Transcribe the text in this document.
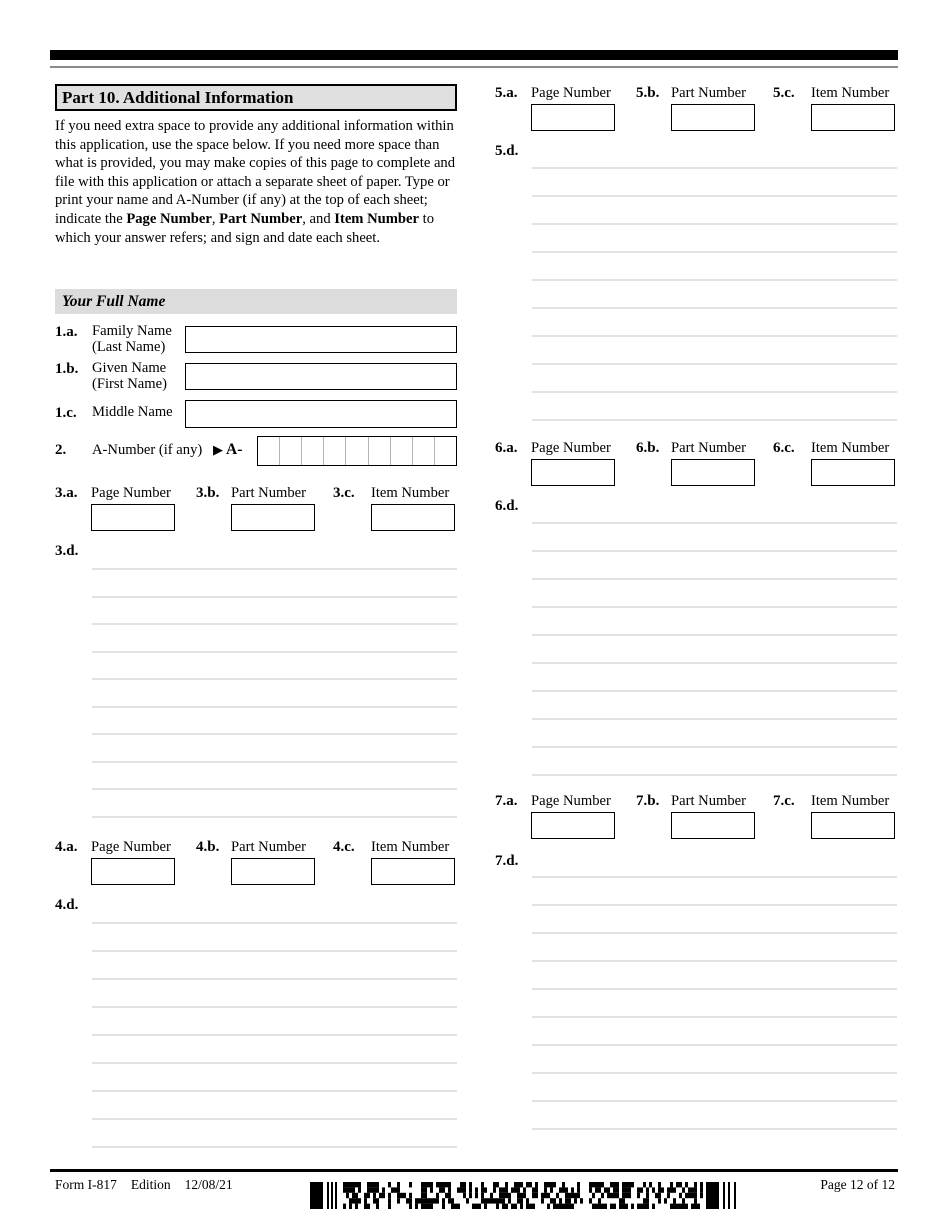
Part 10. Additional Information
If you need extra space to provide any additional information within this application, use the space below. If you need more space than what is provided, you may make copies of this page to complete and file with this application or attach a separate sheet of paper. Type or print your name and A-Number (if any) at the top of each sheet; indicate the Page Number, Part Number, and Item Number to which your answer refers; and sign and date each sheet.
Your Full Name
1.a. Family Name
(Last Name)
1.b. Given Name
(First Name)
1.c. Middle Name
2. A-Number (if any) ▶ A-
Form I-817 Edition 12/08/21	Page 12 of 12
3.a. Page Number 3.b. Part Number 3.c. Item Number
3.d.
4.a. Page Number 4.b. Part Number 4.c. Item Number
4.d.
5.a. Page Number 5.b. Part Number 5.c. Item Number
5.d.
6.a. Page Number 6.b. Part Number 6.c. Item Number
6.d.
7.a. Page Number 7.b. Part Number 7.c. Item Number
7.d.
